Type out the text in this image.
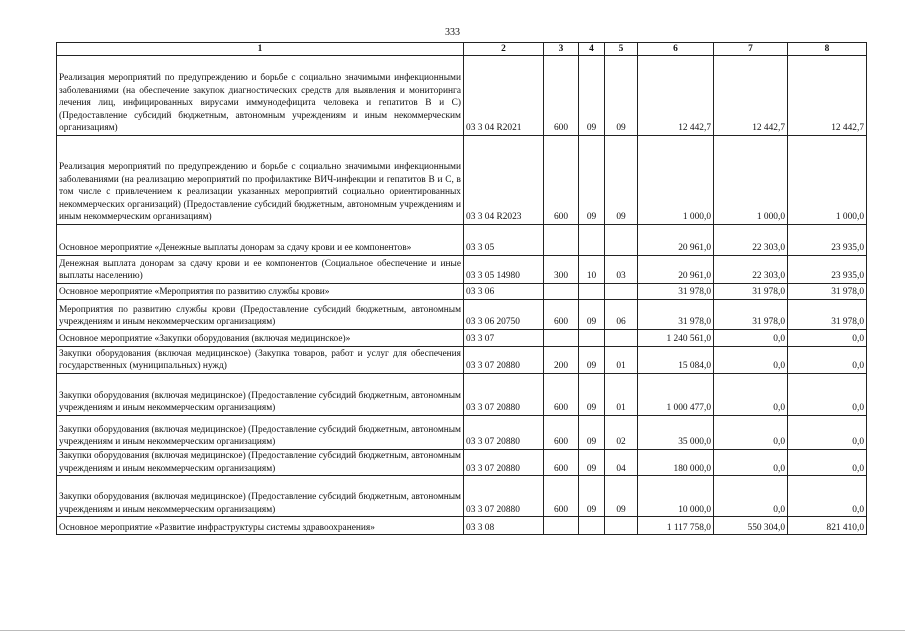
333
1	2	3	4	5	6	7	8
Реализация мероприятий по предупреждению и борьбе с социально значимыми инфекционными заболеваниями (на обеспечение закупок диагностических средств для выявления и мониторинга лечения лиц, инфицированных вирусами иммунодефицита человека и гепатитов В и С) (Предоставление субсидий бюджетным, автономным учреждениям и иным некоммерческим организациям)	03 3 04 R2021	600	09	09	12 442,7	12 442,7	12 442,7
Реализация мероприятий по предупреждению и борьбе с социально значимыми инфекционными заболеваниями (на реализацию мероприятий по профилактике ВИЧ-инфекции и гепатитов В и С, в том числе с привлечением к реализации указанных мероприятий социально ориентированных некоммерческих организаций) (Предоставление субсидий бюджетным, автономным учреждениям и иным некоммерческим организациям)	03 3 04 R2023	600	09	09	1 000,0	1 000,0	1 000,0
Основное мероприятие «Денежные выплаты донорам за сдачу крови и ее компонентов»	03 3 05				20 961,0	22 303,0	23 935,0
Денежная выплата донорам за сдачу крови и ее компонентов (Социальное обеспечение и иные выплаты населению)	03 3 05 14980	300	10	03	20 961,0	22 303,0	23 935,0
Основное мероприятие «Мероприятия по развитию службы крови»	03 3 06				31 978,0	31 978,0	31 978,0
Мероприятия по развитию службы крови (Предоставление субсидий бюджетным, автономным учреждениям и иным некоммерческим организациям)	03 3 06 20750	600	09	06	31 978,0	31 978,0	31 978,0
Основное мероприятие «Закупки оборудования (включая медицинское)»	03 3 07				1 240 561,0	0,0	0,0
Закупки оборудования (включая медицинское) (Закупка товаров, работ и услуг для обеспечения государственных (муниципальных) нужд)	03 3 07 20880	200	09	01	15 084,0	0,0	0,0
Закупки оборудования (включая медицинское) (Предоставление субсидий бюджетным, автономным учреждениям и иным некоммерческим организациям)	03 3 07 20880	600	09	01	1 000 477,0	0,0	0,0
Закупки оборудования (включая медицинское) (Предоставление субсидий бюджетным, автономным учреждениям и иным некоммерческим организациям)	03 3 07 20880	600	09	02	35 000,0	0,0	0,0
Закупки оборудования (включая медицинское) (Предоставление субсидий бюджетным, автономным учреждениям и иным некоммерческим организациям)	03 3 07 20880	600	09	04	180 000,0	0,0	0,0
Закупки оборудования (включая медицинское) (Предоставление субсидий бюджетным, автономным учреждениям и иным некоммерческим организациям)	03 3 07 20880	600	09	09	10 000,0	0,0	0,0
Основное мероприятие «Развитие инфраструктуры системы здравоохранения»	03 3 08				1 117 758,0	550 304,0	821 410,0
